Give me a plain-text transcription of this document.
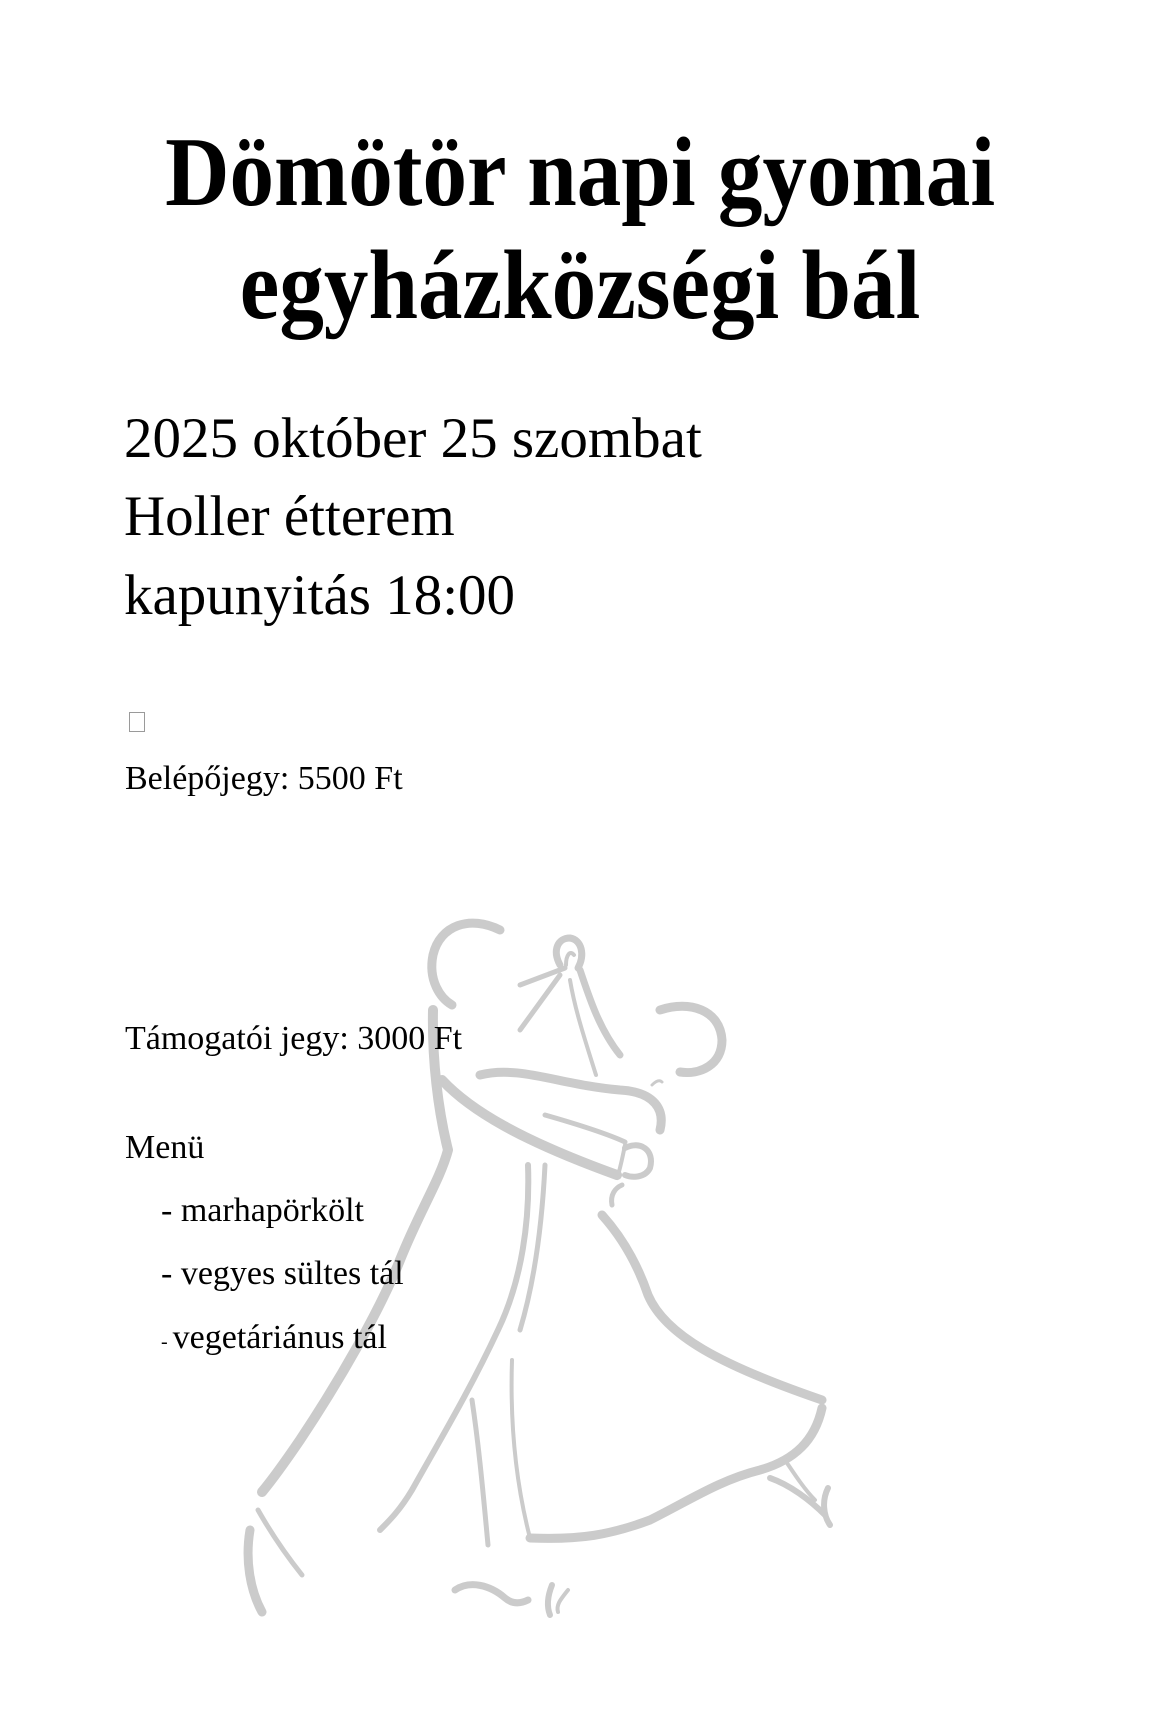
Dömötör napi gyomai
egyházközségi bál
2025 október 25 szombat
Holler étterem
kapunyitás 18:00
Belépőjegy: 5500 Ft
Támogatói jegy: 3000 Ft
Menü
- marhapörkölt
- vegyes sültes tál
- vegetáriánus tál
